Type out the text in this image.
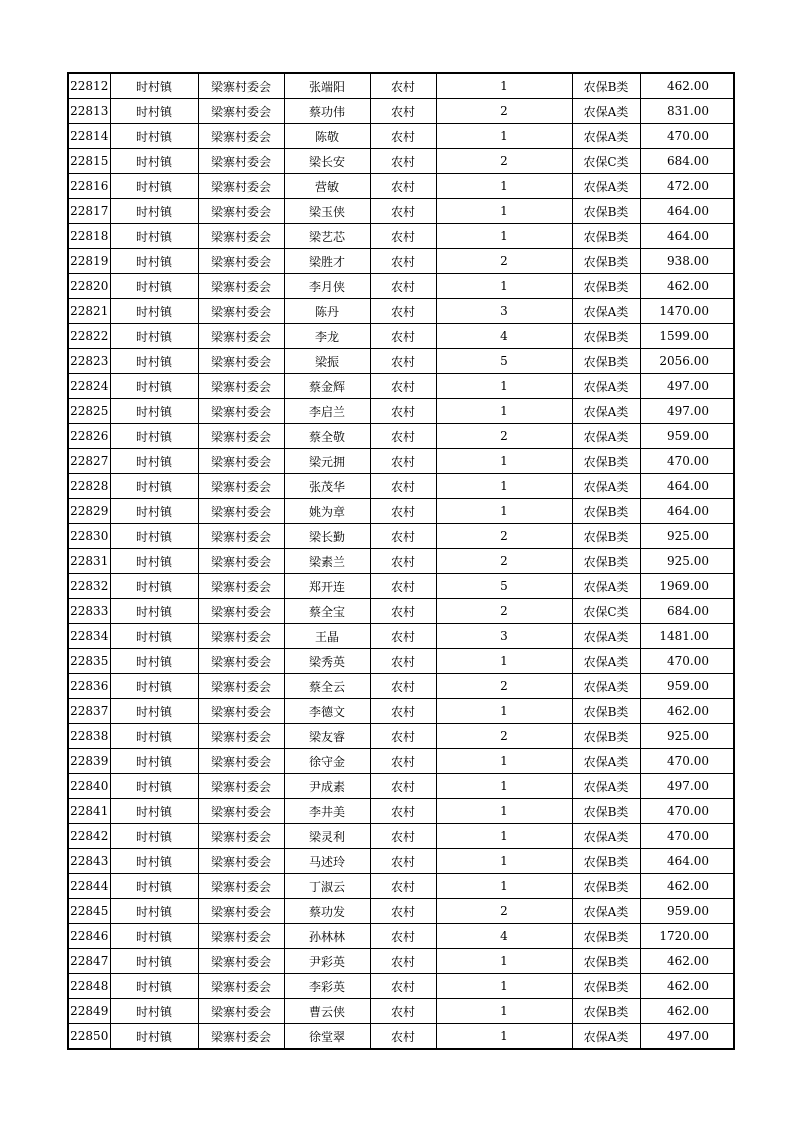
22812	时村镇	梁寨村委会	张端阳	农村	1	农保B类	462.00
22813	时村镇	梁寨村委会	蔡功伟	农村	2	农保A类	831.00
22814	时村镇	梁寨村委会	陈敬	农村	1	农保A类	470.00
22815	时村镇	梁寨村委会	梁长安	农村	2	农保C类	684.00
22816	时村镇	梁寨村委会	营敏	农村	1	农保A类	472.00
22817	时村镇	梁寨村委会	梁玉侠	农村	1	农保B类	464.00
22818	时村镇	梁寨村委会	梁艺芯	农村	1	农保B类	464.00
22819	时村镇	梁寨村委会	梁胜才	农村	2	农保B类	938.00
22820	时村镇	梁寨村委会	李月侠	农村	1	农保B类	462.00
22821	时村镇	梁寨村委会	陈丹	农村	3	农保A类	1470.00
22822	时村镇	梁寨村委会	李龙	农村	4	农保B类	1599.00
22823	时村镇	梁寨村委会	梁振	农村	5	农保B类	2056.00
22824	时村镇	梁寨村委会	蔡金辉	农村	1	农保A类	497.00
22825	时村镇	梁寨村委会	李启兰	农村	1	农保A类	497.00
22826	时村镇	梁寨村委会	蔡全敬	农村	2	农保A类	959.00
22827	时村镇	梁寨村委会	梁元拥	农村	1	农保B类	470.00
22828	时村镇	梁寨村委会	张茂华	农村	1	农保A类	464.00
22829	时村镇	梁寨村委会	姚为章	农村	1	农保B类	464.00
22830	时村镇	梁寨村委会	梁长勤	农村	2	农保B类	925.00
22831	时村镇	梁寨村委会	梁素兰	农村	2	农保B类	925.00
22832	时村镇	梁寨村委会	郑开连	农村	5	农保A类	1969.00
22833	时村镇	梁寨村委会	蔡全宝	农村	2	农保C类	684.00
22834	时村镇	梁寨村委会	王晶	农村	3	农保A类	1481.00
22835	时村镇	梁寨村委会	梁秀英	农村	1	农保A类	470.00
22836	时村镇	梁寨村委会	蔡全云	农村	2	农保A类	959.00
22837	时村镇	梁寨村委会	李德文	农村	1	农保B类	462.00
22838	时村镇	梁寨村委会	梁友睿	农村	2	农保B类	925.00
22839	时村镇	梁寨村委会	徐守金	农村	1	农保A类	470.00
22840	时村镇	梁寨村委会	尹成素	农村	1	农保A类	497.00
22841	时村镇	梁寨村委会	李井美	农村	1	农保B类	470.00
22842	时村镇	梁寨村委会	梁灵利	农村	1	农保A类	470.00
22843	时村镇	梁寨村委会	马述玲	农村	1	农保B类	464.00
22844	时村镇	梁寨村委会	丁淑云	农村	1	农保B类	462.00
22845	时村镇	梁寨村委会	蔡功发	农村	2	农保A类	959.00
22846	时村镇	梁寨村委会	孙林林	农村	4	农保B类	1720.00
22847	时村镇	梁寨村委会	尹彩英	农村	1	农保B类	462.00
22848	时村镇	梁寨村委会	李彩英	农村	1	农保B类	462.00
22849	时村镇	梁寨村委会	曹云侠	农村	1	农保B类	462.00
22850	时村镇	梁寨村委会	徐堂翠	农村	1	农保A类	497.00
